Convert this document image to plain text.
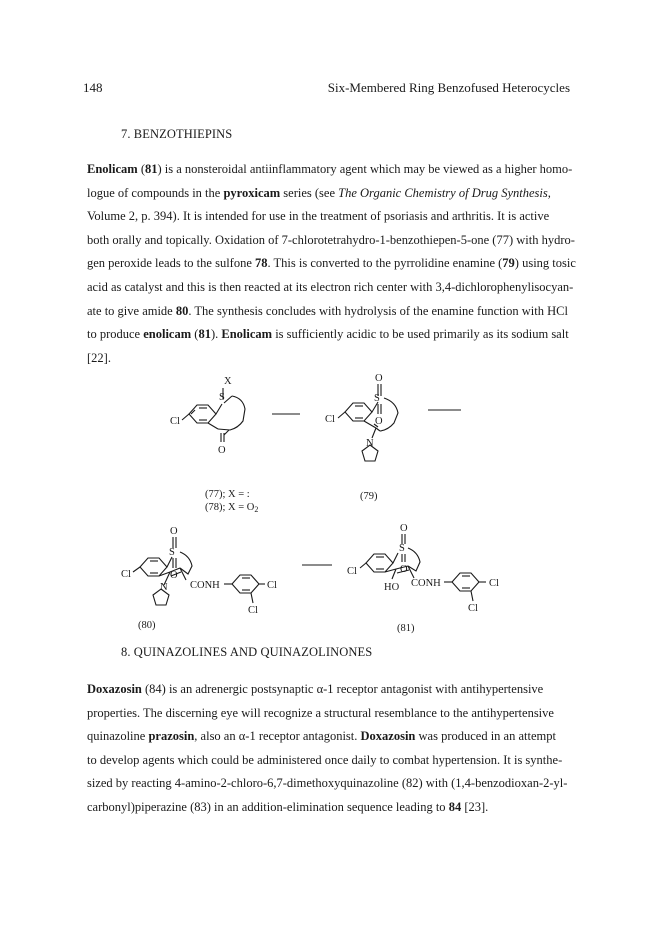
148	Six-Membered Ring Benzofused Heterocycles
7. BENZOTHIEPINS
Enolicam (81) is a nonsteroidal antiinflammatory agent which may be viewed as a higher homo-
logue of compounds in the pyroxicam series (see The Organic Chemistry of Drug Synthesis,
Volume 2, p. 394). It is intended for use in the treatment of psoriasis and arthritis. It is active
both orally and topically. Oxidation of 7-chlorotetrahydro-1-benzothiepen-5-one (77) with hydro-
gen peroxide leads to the sulfone 78. This is converted to the pyrrolidine enamine (79) using tosic
acid as catalyst and this is then reacted at its electron rich center with 3,4-dichlorophenylisocyan-
ate to give amide 80. The synthesis concludes with hydrolysis of the enamine function with HCl
to produce enolicam (81). Enolicam is sufficiently acidic to be used primarily as its sodium salt
[22].
X
S
Cl
O
(77); X = :
(78); X = O2
O
S
O
Cl
N
(79)
O
S
O
Cl
N CONH	Cl
Cl
(80)
O
S
O
Cl
HO CONH	Cl
Cl
(81)
8. QUINAZOLINES AND QUINAZOLINONES
Doxazosin (84) is an adrenergic postsynaptic α-1 receptor antagonist with antihypertensive
properties. The discerning eye will recognize a structural resemblance to the antihypertensive
quinazoline prazosin, also an α-1 receptor antagonist. Doxazosin was produced in an attempt
to develop agents which could be administered once daily to combat hypertension. It is synthe-
sized by reacting 4-amino-2-chloro-6,7-dimethoxyquinazoline (82) with (1,4-benzodioxan-2-yl-
carbonyl)piperazine (83) in an addition-elimination sequence leading to 84 [23].
